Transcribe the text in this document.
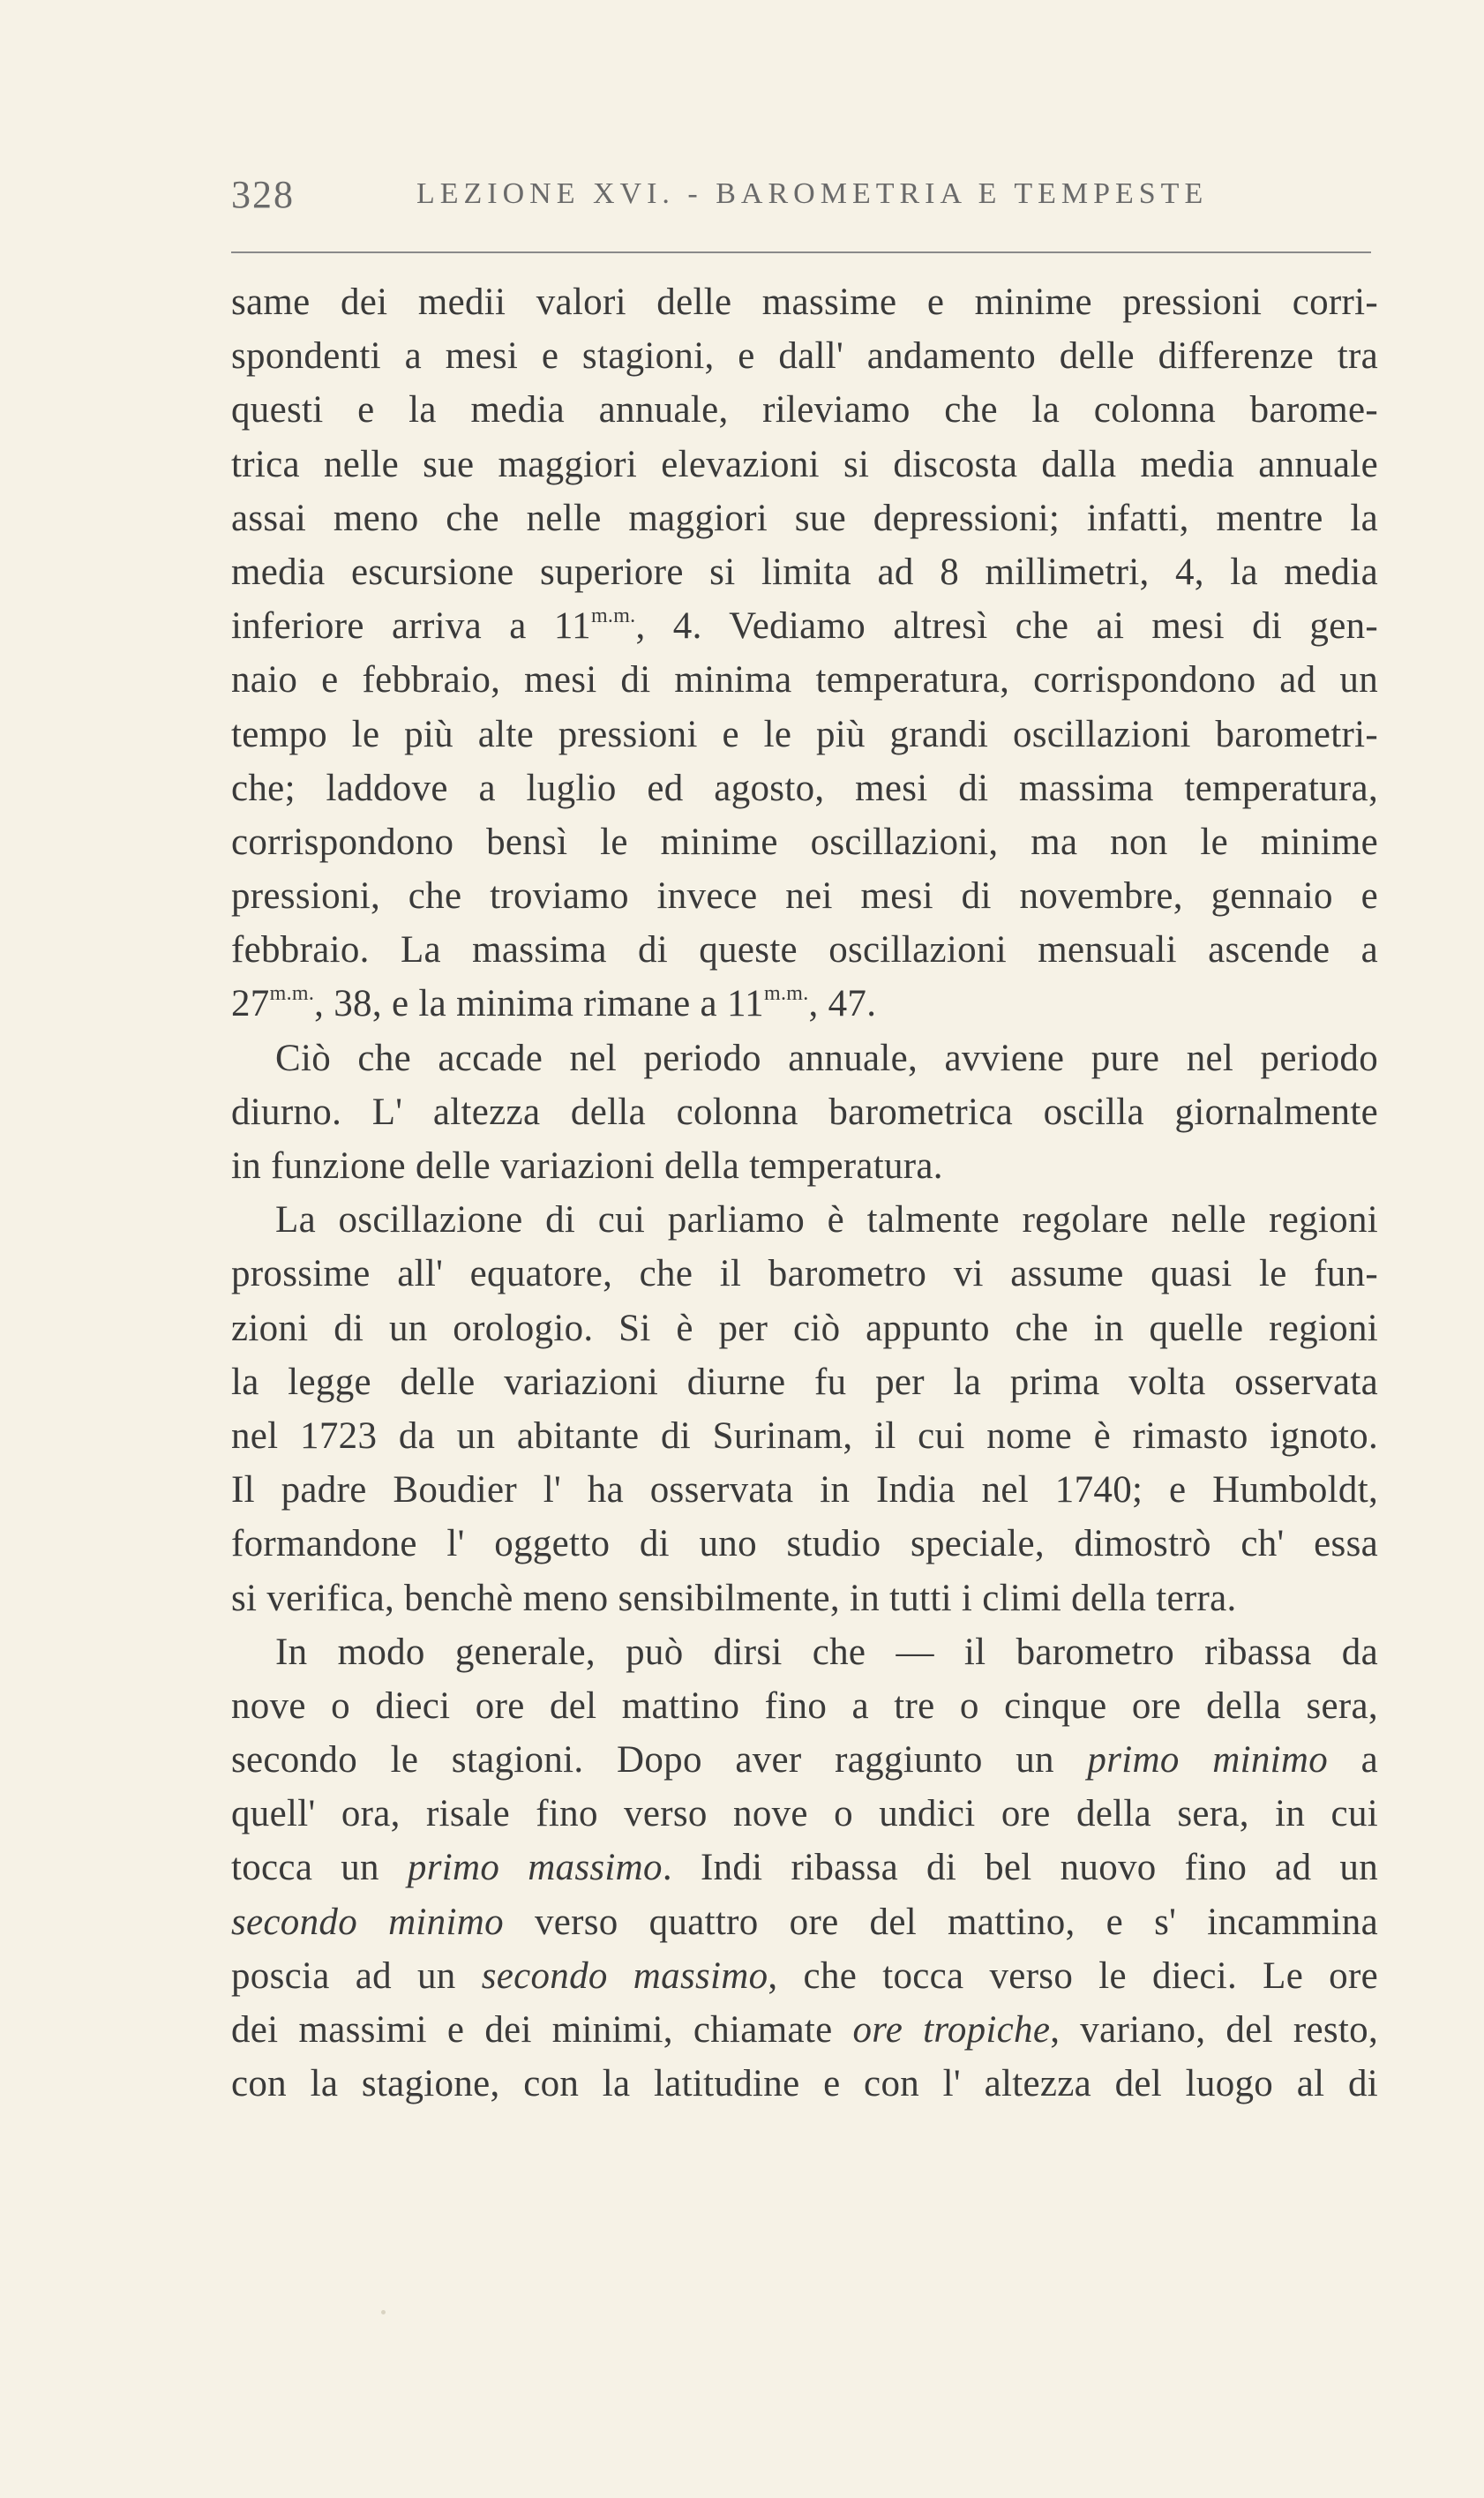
328	LEZIONE XVI. - BAROMETRIA E TEMPESTE
same dei medii valori delle massime e minime pressioni corri-
spondenti a mesi e stagioni, e dall' andamento delle differenze tra
questi e la media annuale, rileviamo che la colonna barome-
trica nelle sue maggiori elevazioni si discosta dalla media annuale
assai meno che nelle maggiori sue depressioni; infatti, mentre la
media escursione superiore si limita ad 8 millimetri, 4, la media
inferiore arriva a $11^{m.m.}$, 4. Vediamo altresì che ai mesi di gen-
naio e febbraio, mesi di minima temperatura, corrispondono ad un
tempo le più alte pressioni e le più grandi oscillazioni barometri-
che; laddove a luglio ed agosto, mesi di massima temperatura,
corrispondono bensì le minime oscillazioni, ma non le minime
pressioni, che troviamo invece nei mesi di novembre, gennaio e
febbraio. La massima di queste oscillazioni mensuali ascende a
$27^{m.m.}$, 38, e la minima rimane a $11^{m.m.}$, 47.
Ciò che accade nel periodo annuale, avviene pure nel periodo
diurno. L' altezza della colonna barometrica oscilla giornalmente
in funzione delle variazioni della temperatura.
La oscillazione di cui parliamo è talmente regolare nelle regioni
prossime all' equatore, che il barometro vi assume quasi le fun-
zioni di un orologio. Si è per ciò appunto che in quelle regioni
la legge delle variazioni diurne fu per la prima volta osservata
nel 1723 da un abitante di Surinam, il cui nome è rimasto ignoto.
Il padre Boudier l' ha osservata in India nel 1740; e Humboldt,
formandone l' oggetto di uno studio speciale, dimostrò ch' essa
si verifica, benchè meno sensibilmente, in tutti i climi della terra.
In modo generale, può dirsi che — il barometro ribassa da
nove o dieci ore del mattino fino a tre o cinque ore della sera,
secondo le stagioni. Dopo aver raggiunto un primo minimo a
quell' ora, risale fino verso nove o undici ore della sera, in cui
tocca un primo massimo. Indi ribassa di bel nuovo fino ad un
secondo minimo verso quattro ore del mattino, e s' incammina
poscia ad un secondo massimo, che tocca verso le dieci. Le ore
dei massimi e dei minimi, chiamate ore tropiche, variano, del resto,
con la stagione, con la latitudine e con l' altezza del luogo al di
